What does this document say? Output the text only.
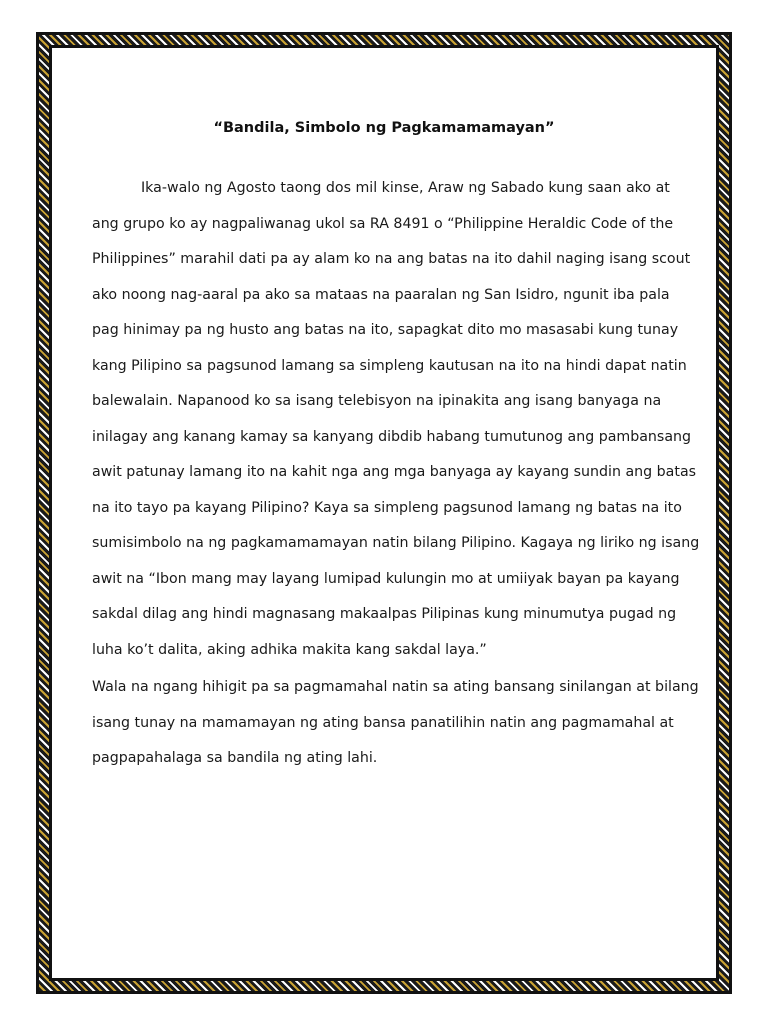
“Bandila, Simbolo ng Pagkamamamayan”
Ika-walo ng Agosto taong dos mil kinse, Araw ng Sabado kung saan ako at
ang grupo ko ay nagpaliwanag ukol sa RA 8491 o “Philippine Heraldic Code of the
Philippines” marahil dati pa ay alam ko na ang batas na ito dahil naging isang scout
ako noong nag-aaral pa ako sa mataas na paaralan ng San Isidro, ngunit iba pala
pag hinimay pa ng husto ang batas na ito, sapagkat dito mo masasabi kung tunay
kang Pilipino sa pagsunod lamang sa simpleng kautusan na ito na hindi dapat natin
balewalain. Napanood ko sa isang telebisyon na ipinakita ang isang banyaga na
inilagay ang kanang kamay sa kanyang dibdib habang tumutunog ang pambansang
awit patunay lamang ito na kahit nga ang mga banyaga ay kayang sundin ang batas
na ito tayo pa kayang Pilipino? Kaya sa simpleng pagsunod lamang ng batas na ito
sumisimbolo na ng pagkamamamayan natin bilang Pilipino. Kagaya ng liriko ng isang
awit na “Ibon mang may layang lumipad kulungin mo at umiiyak bayan pa kayang
sakdal dilag ang hindi magnasang makaalpas Pilipinas kung minumutya pugad ng
luha ko’t dalita, aking adhika makita kang sakdal laya.”
Wala na ngang hihigit pa sa pagmamahal natin sa ating bansang sinilangan at bilang
isang tunay na mamamayan ng ating bansa panatilihin natin ang pagmamahal at
pagpapahalaga sa bandila ng ating lahi.
